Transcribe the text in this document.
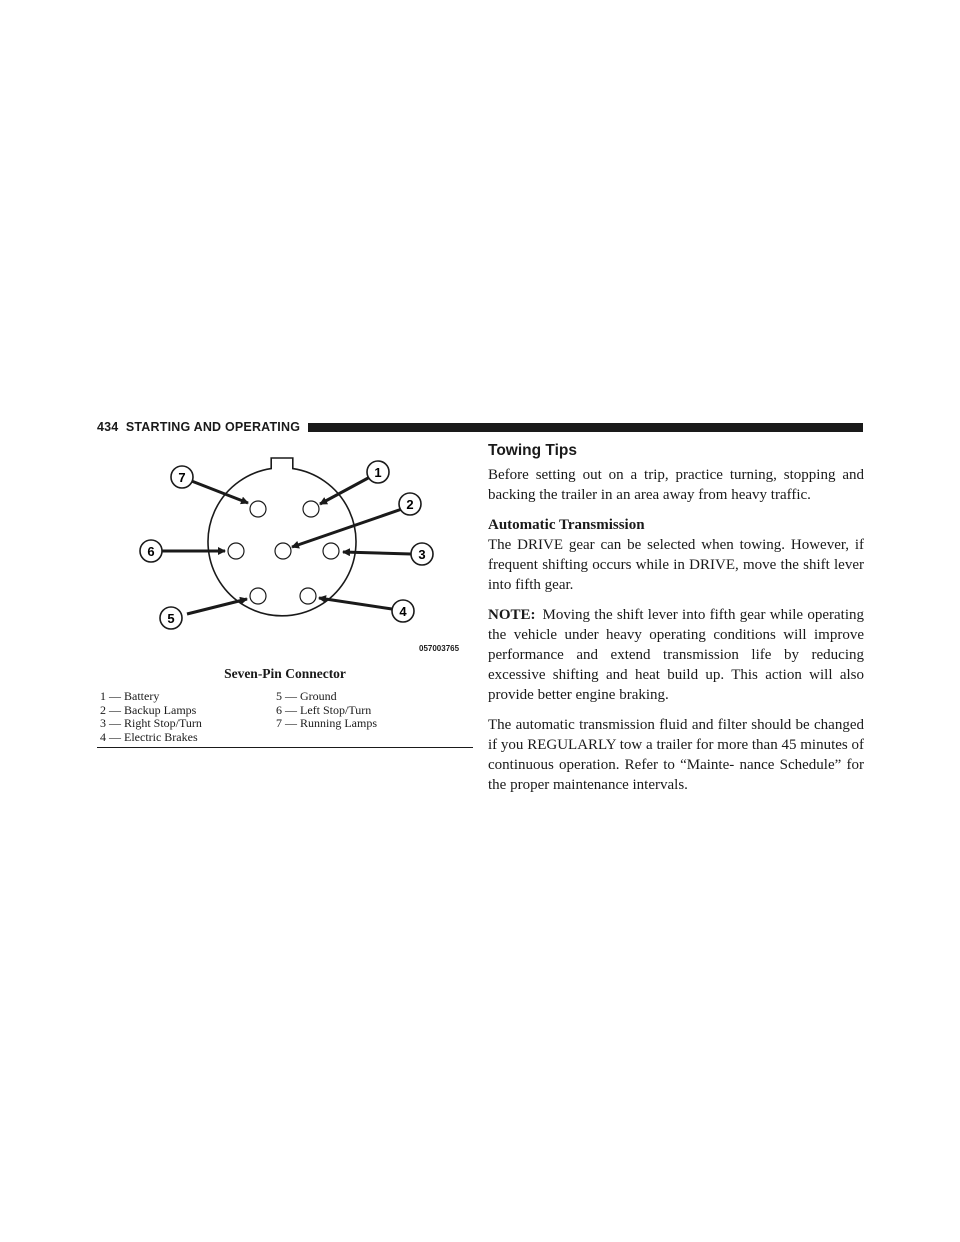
434 STARTING AND OPERATING
7	1
2
6	3
5	4
057003765
Seven-Pin Connector
1 — Battery
2 — Backup Lamps
3 — Right Stop/Turn
4 — Electric Brakes
5 — Ground
6 — Left Stop/Turn
7 — Running Lamps
Towing Tips

Before setting out on a trip, practice turning, stopping and backing the trailer in an area away from heavy traffic.

Automatic Transmission

The DRIVE gear can be selected when towing. However, if frequent shifting occurs while in DRIVE, move the shift lever into fifth gear.

NOTE: Moving the shift lever into fifth gear while operating the vehicle under heavy operating conditions will improve performance and extend transmission life by reducing excessive shifting and heat build up. This action will also provide better engine braking.

The automatic transmission fluid and filter should be changed if you REGULARLY tow a trailer for more than 45 minutes of continuous operation. Refer to “Mainte- nance Schedule” for the proper maintenance intervals.
